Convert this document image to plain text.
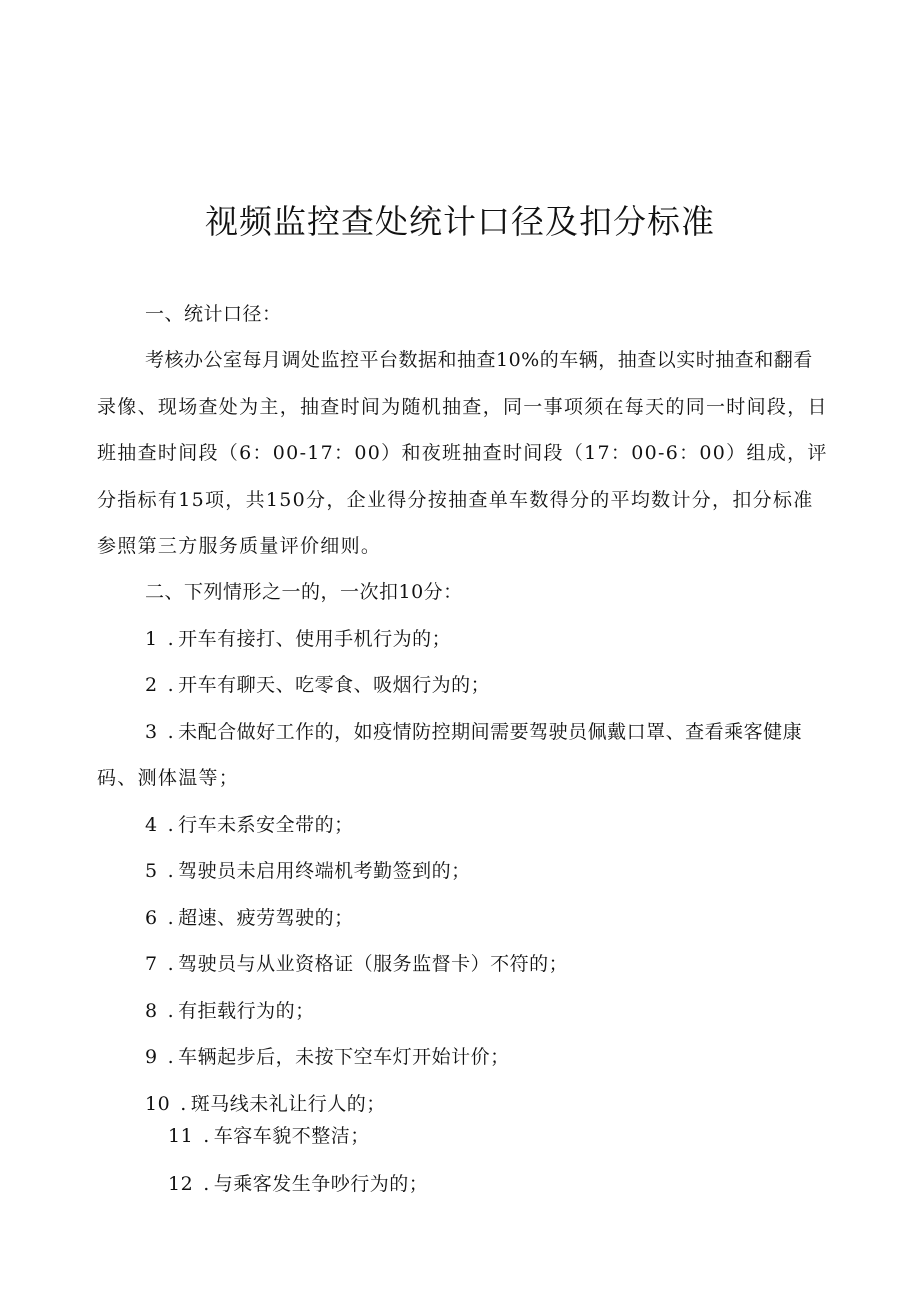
视频监控查处统计口径及扣分标准
一、统计口径：
考核办公室每月调处监控平台数据和抽查10%的车辆，抽查以实时抽查和翻看
录像、现场查处为主，抽查时间为随机抽查，同一事项须在每天的同一时间段，日
班抽查时间段（6：00-17：00）和夜班抽查时间段（17：00-6：00）组成，评
分指标有15项，共150分，企业得分按抽查单车数得分的平均数计分，扣分标准
参照第三方服务质量评价细则。
二、下列情形之一的，一次扣10分：
1 . 开车有接打、使用手机行为的；
2 . 开车有聊天、吃零食、吸烟行为的；
3 . 未配合做好工作的，如疫情防控期间需要驾驶员佩戴口罩、查看乘客健康
码、测体温等；
4 . 行车未系安全带的；
5 . 驾驶员未启用终端机考勤签到的；
6 . 超速、疲劳驾驶的；
7 . 驾驶员与从业资格证（服务监督卡）不符的；
8 . 有拒载行为的；
9 . 车辆起步后，未按下空车灯开始计价；
10 . 斑马线未礼让行人的；
11 . 车容车貌不整洁；
12 . 与乘客发生争吵行为的；
